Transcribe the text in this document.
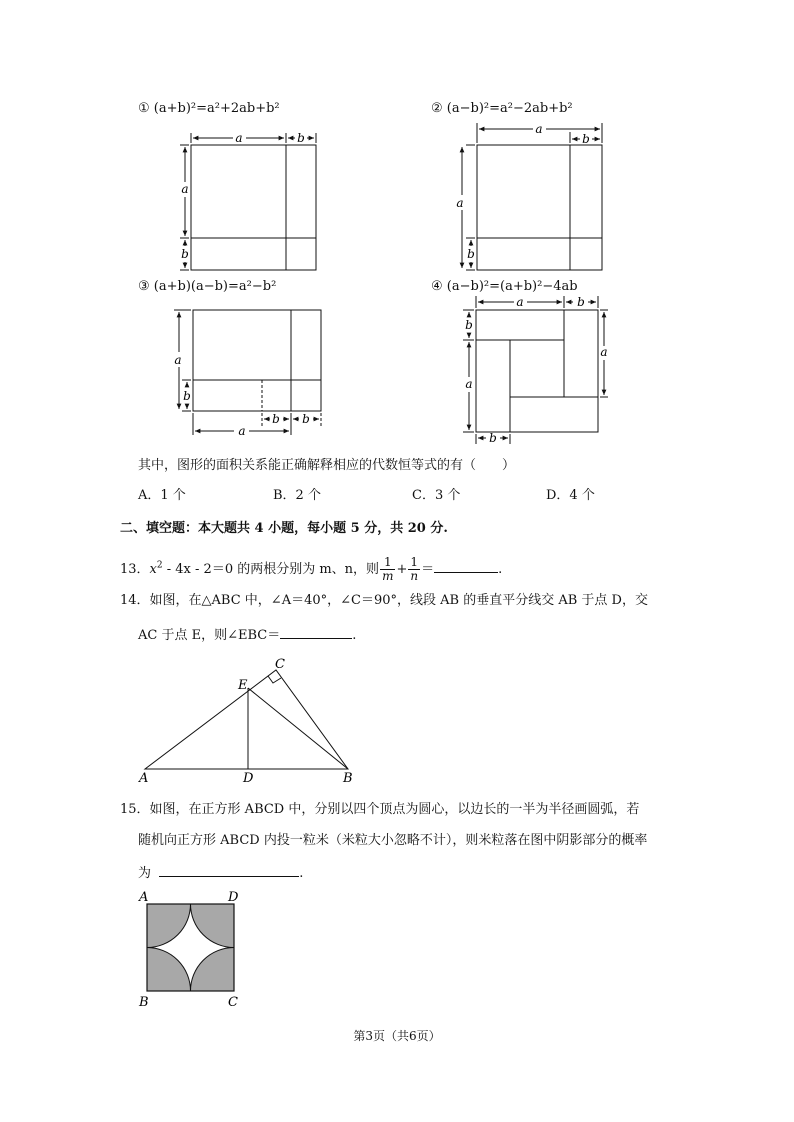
① (a+b)²=a²+2ab+b²	② (a−b)²=a²−2ab+b²
③ (a+b)(a−b)=a²−b²	④ (a−b)²=(a+b)²−4ab
a	b
a
b
a
b
a
b
a
b
b b
a
a	b
b
a
a
b
其中，图形的面积关系能正确解释相应的代数恒等式的有（　　）
A．1 个	B．2 个	C．3 个	D．4 个
二、填空题：本大题共 4 小题，每小题 5 分，共 20 分.
13．$x^2 - 4x - 2=0$ 的两根分别为 m、n，则 $\frac{1}{m} + \frac{1}{n}$ ＝	.
14．如图，在△ABC 中，∠A＝40°，∠C＝90°，线段 AB 的垂直平分线交 AB 于点 D，交
AC 于点 E，则∠EBC＝	.
A	B
C
D
E
15．如图，在正方形 ABCD 中，分别以四个顶点为圆心，以边长的一半为半径画圆弧，若
随机向正方形 ABCD 内投一粒米（米粒大小忽略不计），则米粒落在图中阴影部分的概率
为	.
A	D
B	C
第3页（共6页）
